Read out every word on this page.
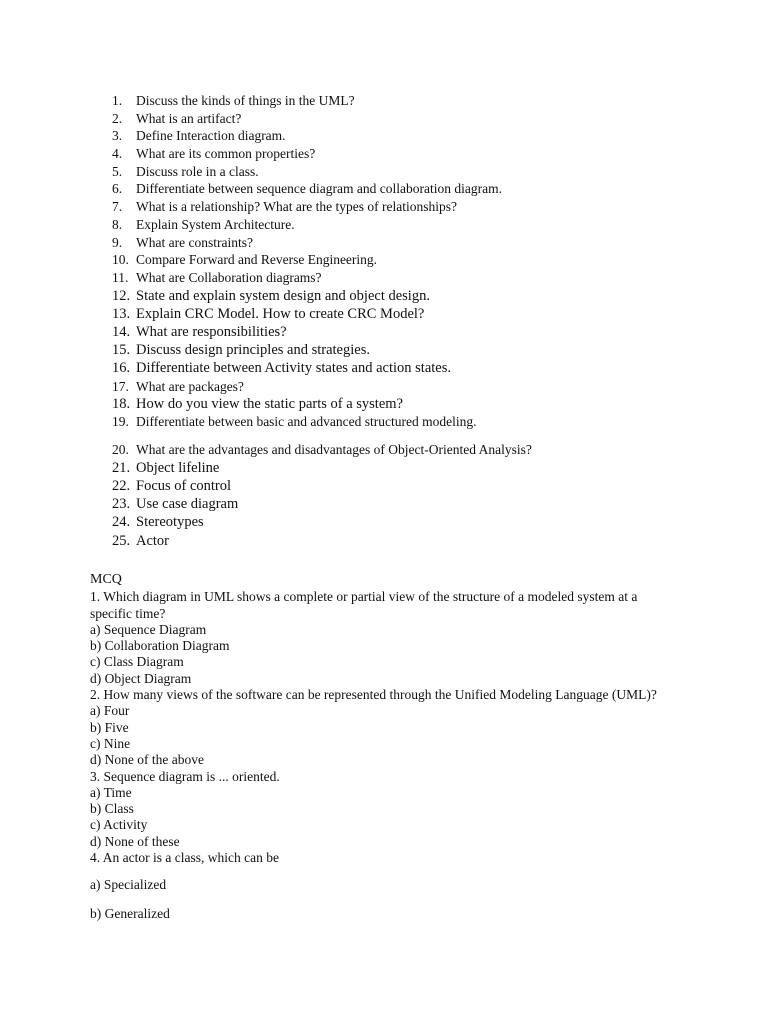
1. Discuss the kinds of things in the UML?
2. What is an artifact?
3. Define Interaction diagram.
4. What are its common properties?
5. Discuss role in a class.
6. Differentiate between sequence diagram and collaboration diagram.
7. What is a relationship? What are the types of relationships?
8. Explain System Architecture.
9. What are constraints?
10. Compare Forward and Reverse Engineering.
11. What are Collaboration diagrams?
12. State and explain system design and object design.
13. Explain CRC Model. How to create CRC Model?
14. What are responsibilities?
15. Discuss design principles and strategies.
16. Differentiate between Activity states and action states.
17. What are packages?
18. How do you view the static parts of a system?
19. Differentiate between basic and advanced structured modeling.
20. What are the advantages and disadvantages of Object-Oriented Analysis?
21. Object lifeline
22. Focus of control
23. Use case diagram
24. Stereotypes
25. Actor
MCQ
1. Which diagram in UML shows a complete or partial view of the structure of a modeled system at a specific time?
a) Sequence Diagram
b) Collaboration Diagram
c) Class Diagram
d) Object Diagram
2. How many views of the software can be represented through the Unified Modeling Language (UML)?
a) Four
b) Five
c) Nine
d) None of the above
3. Sequence diagram is ... oriented.
a) Time
b) Class
c) Activity
d) None of these
4. An actor is a class, which can be
a) Specialized
b) Generalized
